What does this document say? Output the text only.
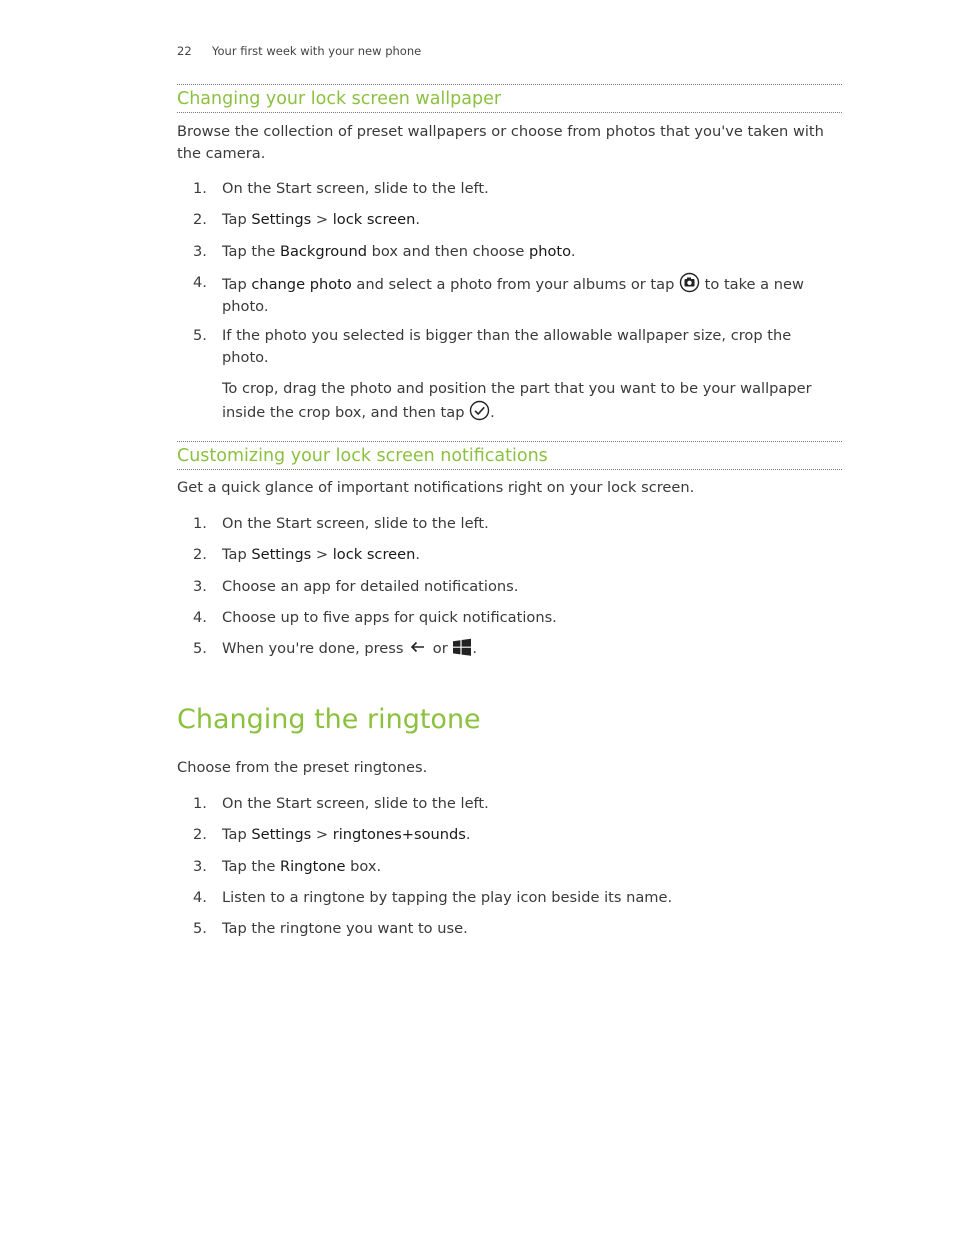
22 Your first week with your new phone
Changing your lock screen wallpaper
Browse the collection of preset wallpapers or choose from photos that you've taken with the camera.
1.	On the Start screen, slide to the left.
2.	Tap Settings > lock screen.
3.	Tap the Background box and then choose photo.
4.	Tap change photo and select a photo from your albums or tap  to take a new photo.
5.	If the photo you selected is bigger than the allowable wallpaper size, crop the photo.
To crop, drag the photo and position the part that you want to be your wallpaper inside the crop box, and then tap .
Customizing your lock screen notifications
Get a quick glance of important notifications right on your lock screen.
1.	On the Start screen, slide to the left.
2.	Tap Settings > lock screen.
3.	Choose an app for detailed notifications.
4.	Choose up to five apps for quick notifications.
5.	When you're done, press  or .
Changing the ringtone
Choose from the preset ringtones.
1.	On the Start screen, slide to the left.
2.	Tap Settings > ringtones+sounds.
3.	Tap the Ringtone box.
4.	Listen to a ringtone by tapping the play icon beside its name.
5.	Tap the ringtone you want to use.
